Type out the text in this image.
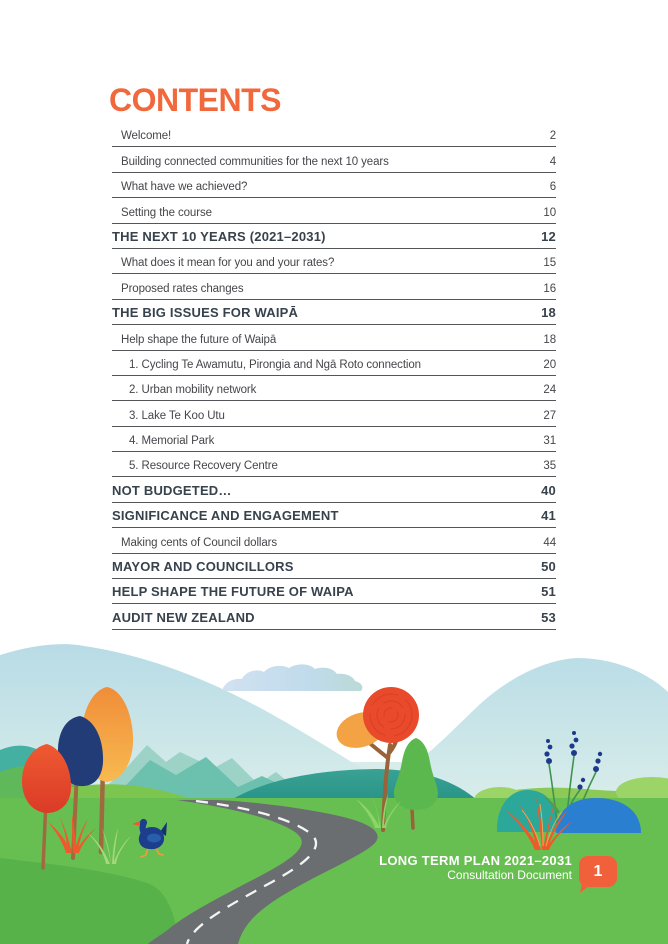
CONTENTS
Welcome!	2
Building connected communities for the next 10 years	4
What have we achieved?	6
Setting the course	10
THE NEXT 10 YEARS (2021–2031)	12
What does it mean for you and your rates?	15
Proposed rates changes	16
THE BIG ISSUES FOR WAIPĀ	18
Help shape the future of Waipā	18
1. Cycling Te Awamutu, Pirongia and Ngā Roto connection	20
2. Urban mobility network	24
3. Lake Te Koo Utu	27
4. Memorial Park	31
5. Resource Recovery Centre	35
NOT BUDGETED…	40
SIGNIFICANCE AND ENGAGEMENT	41
Making cents of Council dollars	44
MAYOR AND COUNCILLORS	50
HELP SHAPE THE FUTURE OF WAIPA	51
AUDIT NEW ZEALAND	53
LONG TERM PLAN 2021–2031
Consultation Document	1
